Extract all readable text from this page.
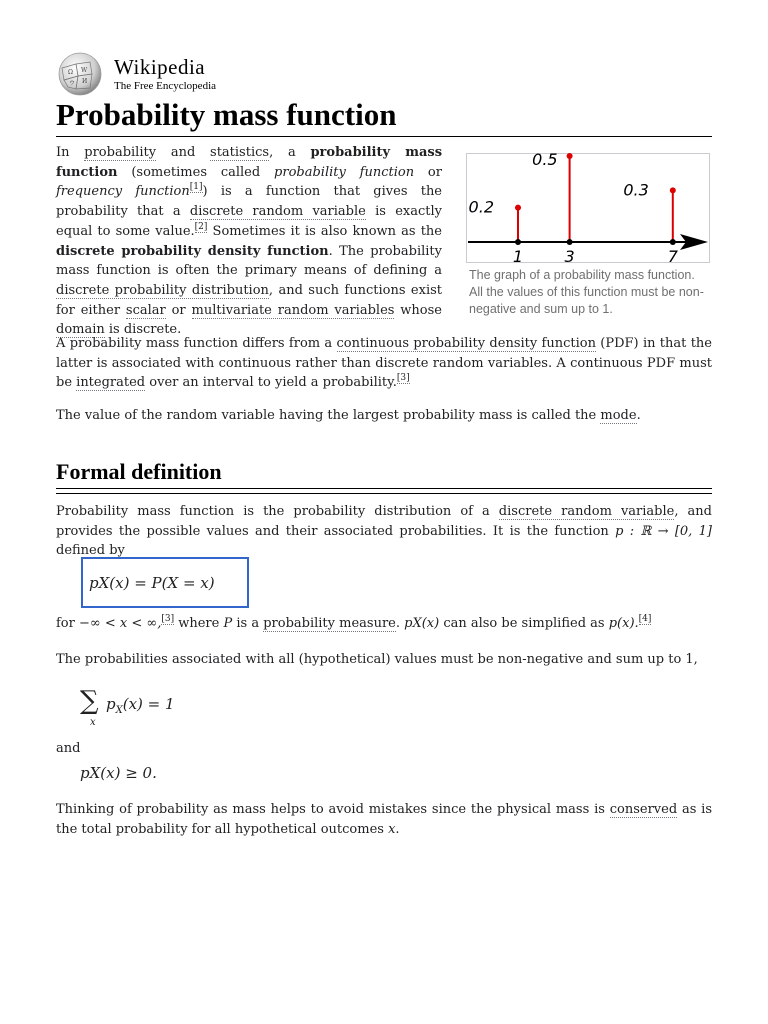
Ω W
И
ウ
Wikipedia
The Free Encyclopedia
Probability mass function

In probability and statistics, a probability mass function (sometimes called probability function or frequency function[1]) is a function that gives the probability that a discrete random variable is exactly equal to some value.[2] Sometimes it is also known as the discrete probability density function. The probability mass function is often the primary means of defining a discrete probability distribution, and such functions exist for either scalar or multivariate random variables whose domain is discrete.

0.2
1
0.5
3
0.3
7
The graph of a probability mass function. All the values of this function must be non-negative and sum up to 1.

A probability mass function differs from a continuous probability density function (PDF) in that the latter is associated with continuous rather than discrete random variables. A continuous PDF must be integrated over an interval to yield a probability.[3]

The value of the random variable having the largest probability mass is called the mode.

Formal definition

Probability mass function is the probability distribution of a discrete random variable, and provides the possible values and their associated probabilities. It is the function p : ℝ → [0, 1] defined by

pX(x) = P(X = x)

for −∞ < x < ∞,[3] where P is a probability measure. pX(x) can also be simplified as p(x).[4]

The probabilities associated with all (hypothetical) values must be non-negative and sum up to 1,

∑
x
$p_X(x) = 1$

and

pX(x) ≥ 0.

Thinking of probability as mass helps to avoid mistakes since the physical mass is conserved as is the total probability for all hypothetical outcomes x.
